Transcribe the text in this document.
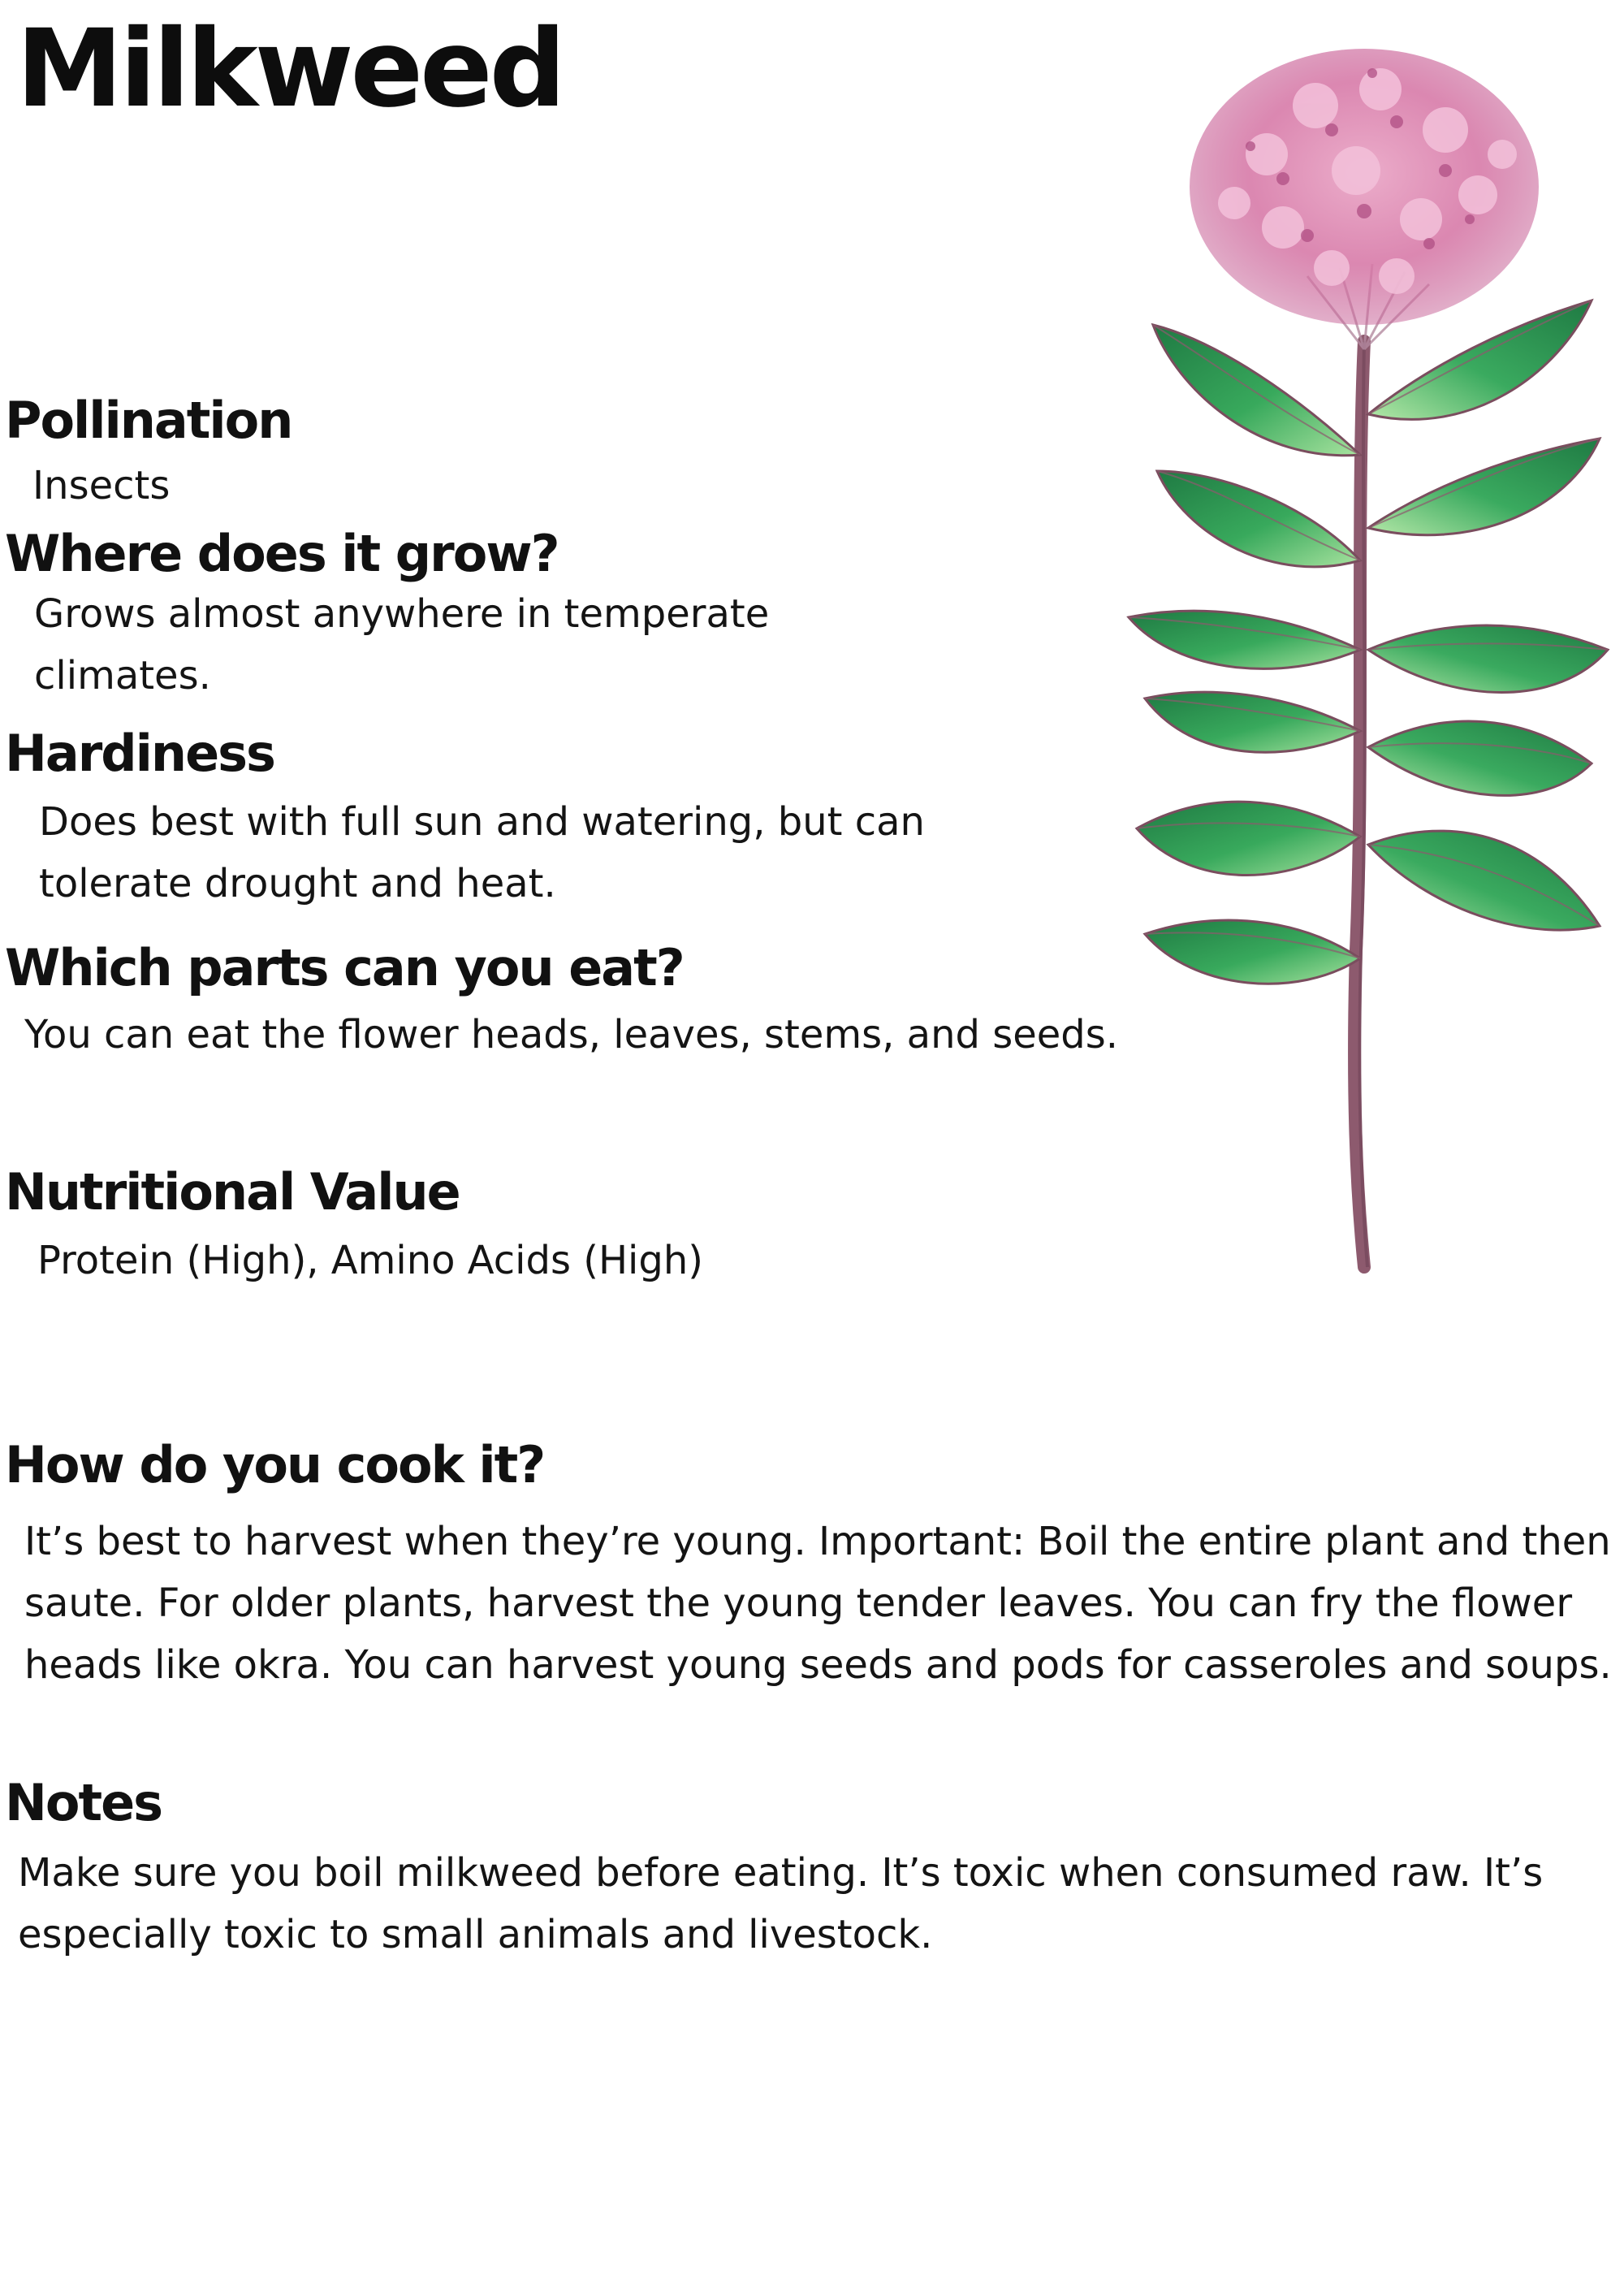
Milkweed
Pollination

Insects

Where does it grow?

Grows almost anywhere in temperate climates.

Hardiness

Does best with full sun and watering, but can tolerate drought and heat.

Which parts can you eat?

You can eat the flower heads, leaves, stems, and seeds.

Nutritional Value

Protein (High), Amino Acids (High)

How do you cook it?

It’s best to harvest when they’re young. Important: Boil the entire plant and then saute. For older plants, harvest the young tender leaves. You can fry the flower heads like okra. You can harvest young seeds and pods for casseroles and soups.

Notes

Make sure you boil milkweed before eating. It’s toxic when consumed raw. It’s especially toxic to small animals and livestock.
